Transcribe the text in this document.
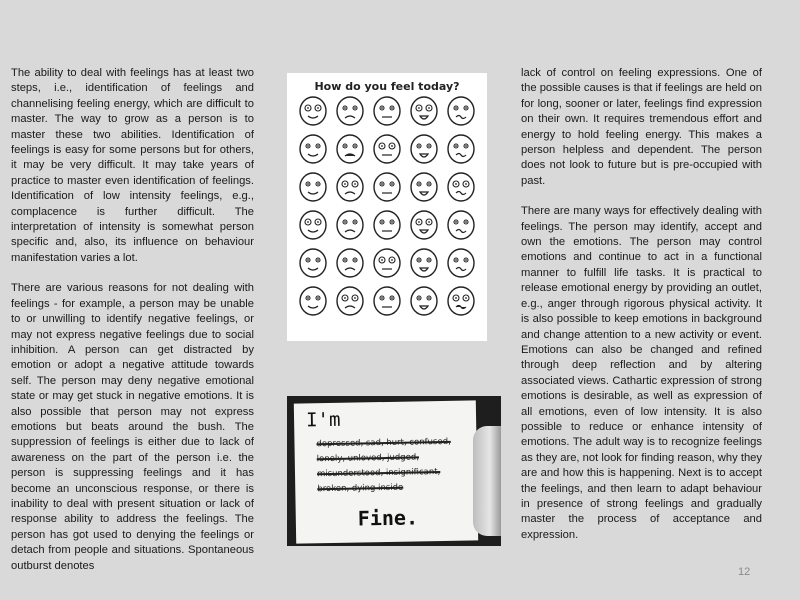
The ability to deal with feelings has at least two steps, i.e., identification of feelings and channelising feeling energy, which are difficult to master. The way to grow as a person is to master these two abilities. Identification of feelings is easy for some persons but for others, it may be very difficult. It may take years of practice to master even identification of feelings. Identification of low intensity feelings, e.g., complacence is further difficult. The interpretation of intensity is somewhat person specific and, also, its influence on behaviour manifestation varies a lot.

There are various reasons for not dealing with feelings - for example, a person may be unable to or unwilling to identify negative feelings, or may not express negative feelings due to social inhibition. A person can get distracted by emotion or adopt a negative attitude towards self. The person may deny negative emotional state or may get stuck in negative emotions. It is also possible that person may not express emotions but beats around the bush. The suppression of feelings is either due to lack of awareness on the part of the person i.e. the person is suppressing feelings and it has become an unconscious response, or there is inability to deal with present situation or lack of response ability to address the feelings. The person has got used to denying the feelings or detach from people and situations. Spontaneous outburst denotes

How do you feel today?
I'm
depressed, sad, hurt, confused,
lonely, unloved, judged,
misunderstood, insignificant,
broken, dying inside
Fine.

lack of control on feeling expressions. One of the possible causes is that if feelings are held on for long, sooner or later, feelings find expression on their own. It requires tremendous effort and energy to hold feeling energy. This makes a person helpless and dependent. The person does not look to future but is pre-occupied with past.

There are many ways for effectively dealing with feelings. The person may identify, accept and own the emotions. The person may control emotions and continue to act in a functional manner to fulfill life tasks. It is practical to release emotional energy by providing an outlet, e.g., anger through rigorous physical activity. It is also possible to keep emotions in background and change attention to a new activity or event. Emotions can also be changed and refined through deep reflection and by altering associated views. Cathartic expression of strong emotions is desirable, as well as expression of all emotions, even of low intensity. It is also possible to reduce or enhance intensity of emotions. The adult way is to recognize feelings as they are, not look for finding reason, why they are and how this is happening. Next is to accept the feelings, and then learn to adapt behaviour in presence of strong feelings and gradually master the process of acceptance and expression.

12
